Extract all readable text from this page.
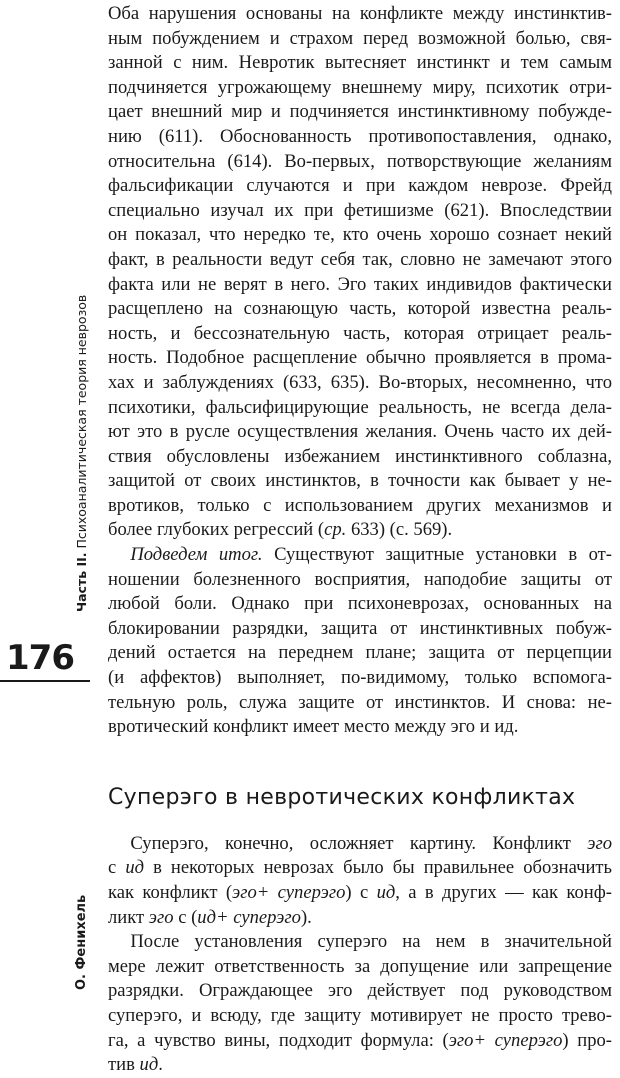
Часть II. Психоаналитическая теория неврозов
176
О. Фенихель

Оба нарушения основаны на конфликте между инстинктив-
ным побуждением и страхом перед возможной болью, свя-
занной с ним. Невротик вытесняет инстинкт и тем самым
подчиняется угрожающему внешнему миру, психотик отри-
цает внешний мир и подчиняется инстинктивному побужде-
нию (611). Обоснованность противопоставления, однако,
относительна (614). Во-первых, потворствующие желаниям
фальсификации случаются и при каждом неврозе. Фрейд
специально изучал их при фетишизме (621). Впоследствии
он показал, что нередко те, кто очень хорошо сознает некий
факт, в реальности ведут себя так, словно не замечают этого
факта или не верят в него. Эго таких индивидов фактически
расщеплено на сознающую часть, которой известна реаль-
ность, и бессознательную часть, которая отрицает реаль-
ность. Подобное расщепление обычно проявляется в прома-
хах и заблуждениях (633, 635). Во-вторых, несомненно, что
психотики, фальсифицирующие реальность, не всегда дела-
ют это в русле осуществления желания. Очень часто их дей-
ствия обусловлены избежанием инстинктивного соблазна,
защитой от своих инстинктов, в точности как бывает у не-
вротиков, только с использованием других механизмов и
более глубоких регрессий (ср. 633) (с. 569).

  Подведем итог. Существуют защитные установки в от-
ношении болезненного восприятия, наподобие защиты от
любой боли. Однако при психоневрозах, основанных на
блокировании разрядки, защита от инстинктивных побуж-
дений остается на переднем плане; защита от перцепции
(и аффектов) выполняет, по-видимому, только вспомога-
тельную роль, служа защите от инстинктов. И снова: не-
вротический конфликт имеет место между эго и ид.

Суперэго в невротических конфликтах

  Суперэго, конечно, осложняет картину. Конфликт эго
с ид в некоторых неврозах было бы правильнее обозначить
как конфликт (эго+ суперэго) с ид, а в других — как конф-
ликт эго с (ид+ суперэго).

  После установления суперэго на нем в значительной
мере лежит ответственность за допущение или запрещение
разрядки. Ограждающее эго действует под руководством
суперэго, и всюду, где защиту мотивирует не просто трево-
га, а чувство вины, подходит формула: (эго+ суперэго) про-
тив ид.
